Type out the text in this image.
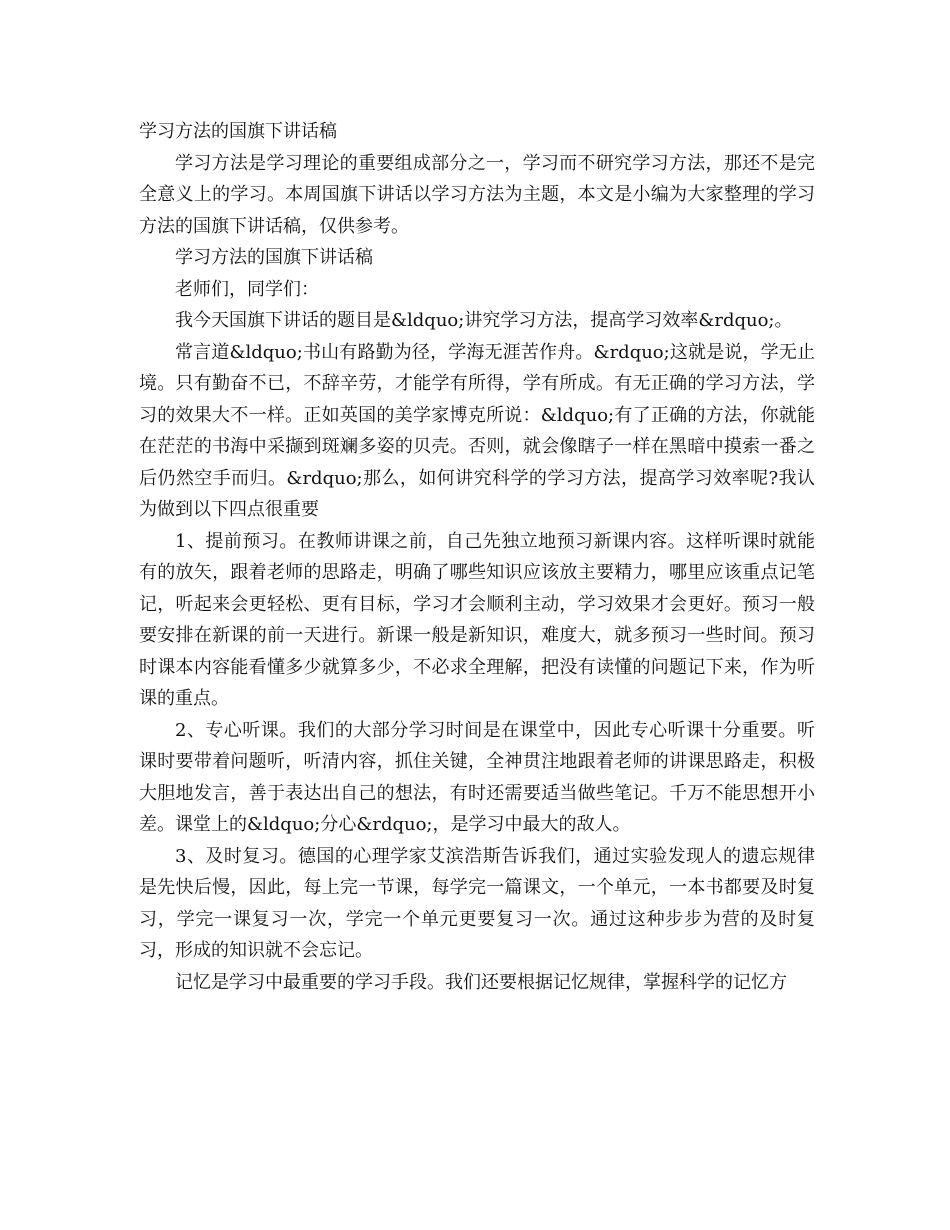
学习方法的国旗下讲话稿

学习方法是学习理论的重要组成部分之一，学习而不研究学习方法，那还不是完全意义上的学习。本周国旗下讲话以学习方法为主题，本文是小编为大家整理的学习方法的国旗下讲话稿，仅供参考。

学习方法的国旗下讲话稿

老师们，同学们：

我今天国旗下讲话的题目是&ldquo;讲究学习方法，提高学习效率&rdquo;。

常言道&ldquo;书山有路勤为径，学海无涯苦作舟。&rdquo;这就是说，学无止境。只有勤奋不已，不辞辛劳，才能学有所得，学有所成。有无正确的学习方法，学习的效果大不一样。正如英国的美学家博克所说：&ldquo;有了正确的方法，你就能在茫茫的书海中采撷到斑斓多姿的贝壳。否则，就会像瞎子一样在黑暗中摸索一番之后仍然空手而归。&rdquo;那么，如何讲究科学的学习方法，提高学习效率呢?我认为做到以下四点很重要

1、提前预习。在教师讲课之前，自己先独立地预习新课内容。这样听课时就能有的放矢，跟着老师的思路走，明确了哪些知识应该放主要精力，哪里应该重点记笔记，听起来会更轻松、更有目标，学习才会顺利主动，学习效果才会更好。预习一般要安排在新课的前一天进行。新课一般是新知识，难度大，就多预习一些时间。预习时课本内容能看懂多少就算多少，不必求全理解，把没有读懂的问题记下来，作为听课的重点。

2、专心听课。我们的大部分学习时间是在课堂中，因此专心听课十分重要。听课时要带着问题听，听清内容，抓住关键，全神贯注地跟着老师的讲课思路走，积极大胆地发言，善于表达出自己的想法，有时还需要适当做些笔记。千万不能思想开小差。课堂上的&ldquo;分心&rdquo;，是学习中最大的敌人。

3、及时复习。德国的心理学家艾滨浩斯告诉我们，通过实验发现人的遗忘规律是先快后慢，因此，每上完一节课，每学完一篇课文，一个单元，一本书都要及时复习，学完一课复习一次，学完一个单元更要复习一次。通过这种步步为营的及时复习，形成的知识就不会忘记。

记忆是学习中最重要的学习手段。我们还要根据记忆规律，掌握科学的记忆方
